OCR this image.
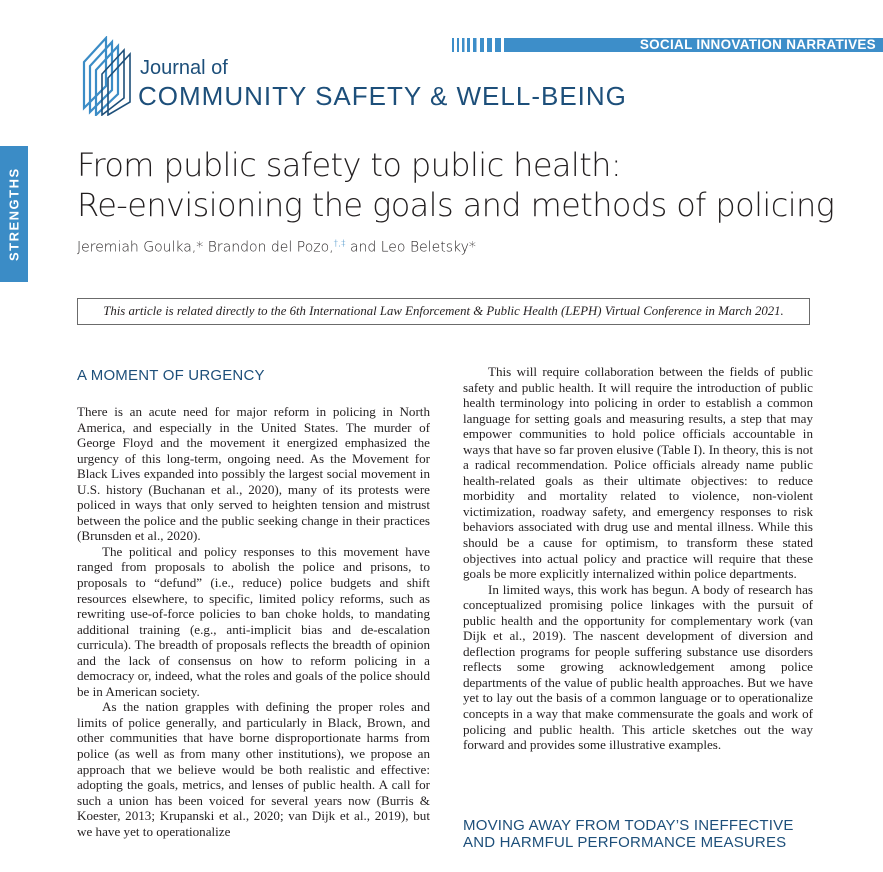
SOCIAL INNOVATION NARRATIVES
Journal of
COMMUNITY SAFETY & WELL-BEING
STRENGTHS
From public safety to public health:
Re-envisioning the goals and methods of policing
Jeremiah Goulka,* Brandon del Pozo,†,‡ and Leo Beletsky*
This article is related directly to the 6th International Law Enforcement & Public Health (LEPH) Virtual Conference in March 2021.
A MOMENT OF URGENCY

There is an acute need for major reform in policing in North America, and especially in the United States. The murder of George Floyd and the movement it energized emphasized the urgency of this long-term, ongoing need. As the Movement for Black Lives expanded into possibly the largest social movement in U.S. history (Buchanan et al., 2020), many of its protests were policed in ways that only served to heighten tension and mistrust between the police and the public seeking change in their practices (Brunsden et al., 2020).

The political and policy responses to this movement have ranged from proposals to abolish the police and prisons, to proposals to “defund” (i.e., reduce) police budgets and shift resources elsewhere, to specific, limited policy reforms, such as rewriting use-of-force policies to ban choke holds, to mandating additional training (e.g., anti-implicit bias and de-escalation curricula). The breadth of proposals reflects the breadth of opinion and the lack of consensus on how to reform policing in a democracy or, indeed, what the roles and goals of the police should be in American society.

As the nation grapples with defining the proper roles and limits of police generally, and particularly in Black, Brown, and other communities that have borne disproportionate harms from police (as well as from many other institutions), we propose an approach that we believe would be both realistic and effective: adopting the goals, metrics, and lenses of public health. A call for such a union has been voiced for several years now (Burris & Koester, 2013; Krupanski et al., 2020; van Dijk et al., 2019), but we have yet to operationalize

This will require collaboration between the fields of public safety and public health. It will require the introduction of public health terminology into policing in order to establish a common language for setting goals and measuring results, a step that may empower communities to hold police officials accountable in ways that have so far proven elusive (Table I). In theory, this is not a radical recommendation. Police officials already name public health-related goals as their ultimate objectives: to reduce morbidity and mortality related to violence, non-violent victimization, roadway safety, and emergency responses to risk behaviors associated with drug use and mental illness. While this should be a cause for optimism, to transform these stated objectives into actual policy and practice will require that these goals be more explicitly internalized within police departments.

In limited ways, this work has begun. A body of research has conceptualized promising police linkages with the pursuit of public health and the opportunity for complementary work (van Dijk et al., 2019). The nascent development of diversion and deflection programs for people suffering substance use disorders reflects some growing acknowledgement among police departments of the value of public health approaches. But we have yet to lay out the basis of a common language or to operationalize concepts in a way that make commensurate the goals and work of policing and public health. This article sketches out the way forward and provides some illustrative examples.

MOVING AWAY FROM TODAY’S INEFFECTIVE
AND HARMFUL PERFORMANCE MEASURES
